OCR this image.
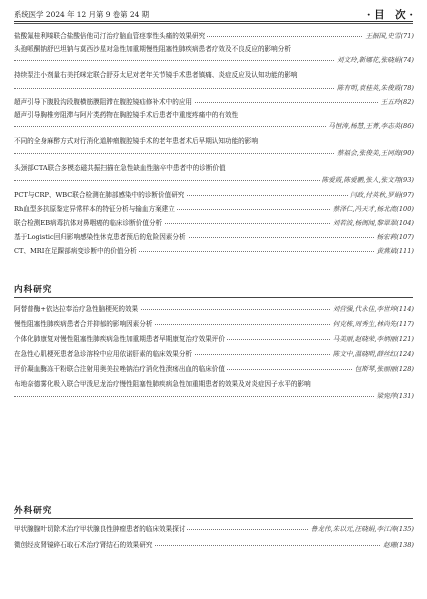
系统医学 2024 年 12 月第 9 卷第 24 期	· 目　次 ·
盐酸氟桂利嗪联合盐酸倍他司汀治疗脑血管痉挛性头痛的效果研究	王振国,史雪(71)
头孢哌酮钠舒巴坦钠与莫西沙星对急性加重期慢性阻塞性肺疾病患者疗效及不良反应的影响分析
刘文玲,靳娜花,张晓娟(74)
持续泵注小剂量右美托咪定联合舒芬太尼对老年关节镜手术患者镇痛、炎症反应及认知功能的影响
陈有明,袁桂英,朱俊霞(78)
超声引导下腹股沟段腹横筋膜阻滞在腹腔镜疝修补术中的应用	王五玲(82)
超声引导胸椎旁阻滞与阿片类药物在胸腔镜手术后患者中重度疼痛中的有效性
马恒涛,杨慧,王菁,李志英(86)
不同的全身麻醉方式对行消化道肿瘤腹腔镜手术的老年患者术后早期认知功能的影响
蔡福会,张俊美,王同海(90)
头颈部CTA联合多模态磁共振扫描在急性缺血性脑卒中患者中的诊断价值
陈爱霞,陈爱鹏,张人,张文翔(93)
PCT与CRP、WBC联合检测在肺部感染中的诊断价值研究	闫政,付英秋,罗娟(97)
Rh血型多抗原鉴定异常样本的特征分析与输血方案建立	蔡泽仁,冯天才,杨北流(100)
联合检测EB病毒抗体对鼻咽癌的临床诊断价值分析	刘若波,杨闽闻,黎翠翠(104)
基于Logistic回归影响感染性休克患者预后的危险因素分析	杨宏莉(107)
CT、MRI在足踝部病变诊断中的价值分析	黄燕斌(111)
内科研究
阿替普酶+依达拉奉治疗急性脑梗死的效果	刘营强,代永佳,李世坤(114)
慢性阻塞性肺疾病患者合并抑郁的影响因素分析	何克栋,周秀生,林尚先(117)
个体化肺康复对慢性阻塞性肺疾病急性加重期患者早期康复治疗效果评价	马美丽,赵晓荣,李炳丽(121)
在急性心肌梗死患者急诊溶栓中应用依诺肝素的临床效果分析	陈文中,温晓明,薛丝红(124)
评价凝血酶冻干粉联合注射用奥美拉唑钠治疗消化性溃疡出血的临床价值	包斯琴,张丽丽(128)
布地奈德雾化吸入联合甲泼尼龙治疗慢性阻塞性肺疾病急性加重期患者的效果及对炎症因子水平的影响
梁宛萍(131)
外科研究
甲状腺腺叶切除术治疗甲状腺良性肿瘤患者的临床效果探讨	鲁龙伟,朱以元,汪晓娟,李江涛(135)
微创经皮肾镜碎石取石术治疗肾结石的效果研究	赵珊(138)
